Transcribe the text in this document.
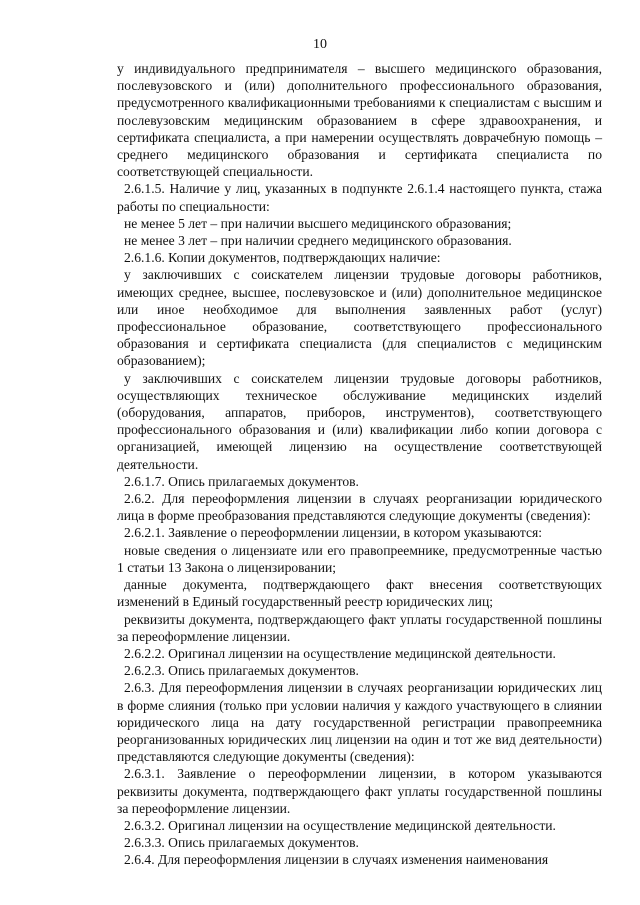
10

у индивидуального предпринимателя – высшего медицинского образования, послевузовского и (или) дополнительного профессионального образования, предусмотренного квалификационными требованиями к специалистам с высшим и послевузовским медицинским образованием в сфере здравоохранения, и сертификата специалиста, а при намерении осуществлять доврачебную помощь – среднего медицинского образования и сертификата специалиста по соответствующей специальности.

2.6.1.5. Наличие у лиц, указанных в подпункте 2.6.1.4 настоящего пункта, стажа работы по специальности:

не менее 5 лет – при наличии высшего медицинского образования;

не менее 3 лет – при наличии среднего медицинского образования.

2.6.1.6. Копии документов, подтверждающих наличие:

у заключивших с соискателем лицензии трудовые договоры работников, имеющих среднее, высшее, послевузовское и (или) дополнительное медицинское или иное необходимое для выполнения заявленных работ (услуг) профессиональное образование, соответствующего профессионального образования и сертификата специалиста (для специалистов с медицинским образованием);

у заключивших с соискателем лицензии трудовые договоры работников, осуществляющих техническое обслуживание медицинских изделий (оборудования, аппаратов, приборов, инструментов), соответствующего профессионального образования и (или) квалификации либо копии договора с организацией, имеющей лицензию на осуществление соответствующей деятельности.

2.6.1.7. Опись прилагаемых документов.

2.6.2. Для переоформления лицензии в случаях реорганизации юридического лица в форме преобразования представляются следующие документы (сведения):

2.6.2.1. Заявление о переоформлении лицензии, в котором указываются:

новые сведения о лицензиате или его правопреемнике, предусмотренные частью 1 статьи 13 Закона о лицензировании;

данные документа, подтверждающего факт внесения соответствующих изменений в Единый государственный реестр юридических лиц;

реквизиты документа, подтверждающего факт уплаты государственной пошлины за переоформление лицензии.

2.6.2.2. Оригинал лицензии на осуществление медицинской деятельности.

2.6.2.3. Опись прилагаемых документов.

2.6.3. Для переоформления лицензии в случаях реорганизации юридических лиц в форме слияния (только при условии наличия у каждого участвующего в слиянии юридического лица на дату государственной регистрации правопреемника реорганизованных юридических лиц лицензии на один и тот же вид деятельности) представляются следующие документы (сведения):

2.6.3.1. Заявление о переоформлении лицензии, в котором указываются реквизиты документа, подтверждающего факт уплаты государственной пошлины за переоформление лицензии.

2.6.3.2. Оригинал лицензии на осуществление медицинской деятельности.

2.6.3.3. Опись прилагаемых документов.

2.6.4. Для переоформления лицензии в случаях изменения наименования
